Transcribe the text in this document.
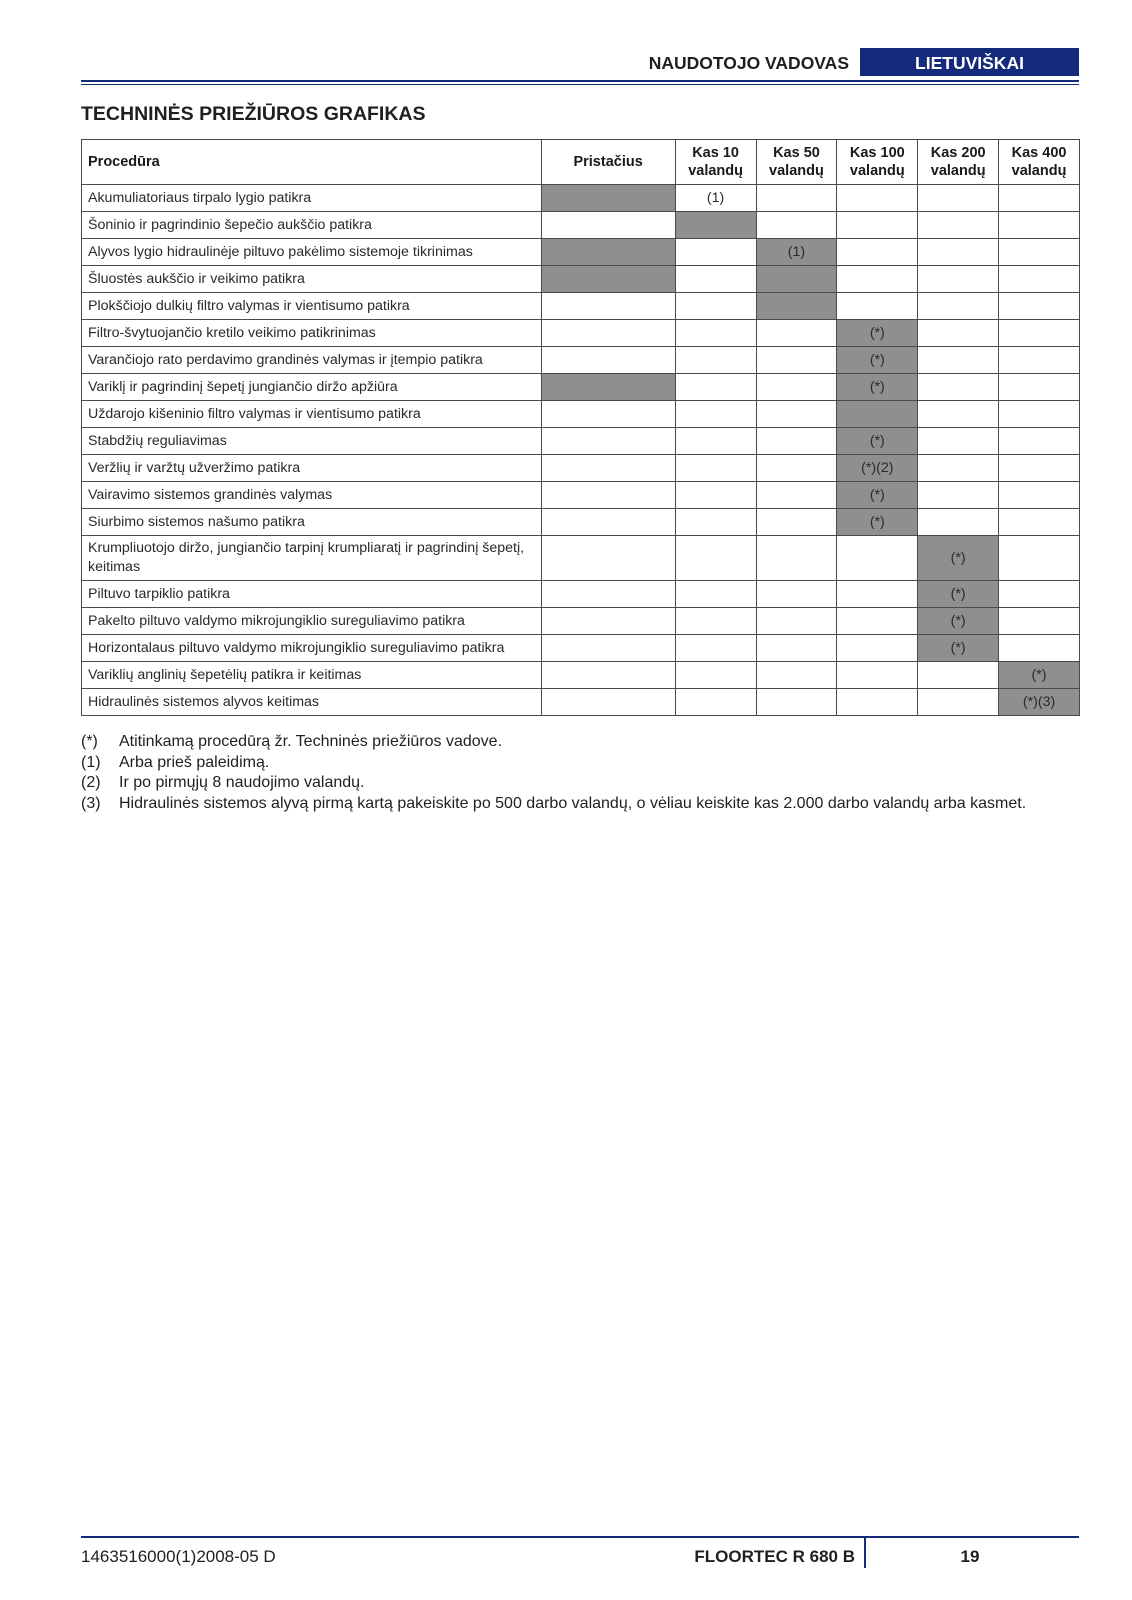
NAUDOTOJO VADOVAS	LIETUVIŠKAI
TECHNINĖS PRIEŽIŪROS GRAFIKAS
Procedūra	Pristačius	Kas 10 valandų	Kas 50 valandų	Kas 100 valandų	Kas 200 valandų	Kas 400 valandų
Akumuliatoriaus tirpalo lygio patikra		(1)				
Šoninio ir pagrindinio šepečio aukščio patikra						
Alyvos lygio hidraulinėje piltuvo pakėlimo sistemoje tikrinimas			(1)			
Šluostės aukščio ir veikimo patikra						
Plokščiojo dulkių filtro valymas ir vientisumo patikra						
Filtro-švytuojančio kretilo veikimo patikrinimas				(*)		
Varančiojo rato perdavimo grandinės valymas ir įtempio patikra				(*)		
Variklį ir pagrindinį šepetį jungiančio diržo apžiūra				(*)		
Uždarojo kišeninio filtro valymas ir vientisumo patikra						
Stabdžių reguliavimas				(*)		
Veržlių ir varžtų užveržimo patikra				(*)(2)		
Vairavimo sistemos grandinės valymas				(*)		
Siurbimo sistemos našumo patikra				(*)		
Krumpliuotojo diržo, jungiančio tarpinį krumpliaratį ir pagrindinį šepetį, keitimas					(*)	
Piltuvo tarpiklio patikra					(*)	
Pakelto piltuvo valdymo mikrojungiklio sureguliavimo patikra					(*)	
Horizontalaus piltuvo valdymo mikrojungiklio sureguliavimo patikra					(*)	
Variklių anglinių šepetėlių patikra ir keitimas						(*)
Hidraulinės sistemos alyvos keitimas						(*)(3)
(*)	Atitinkamą procedūrą žr. Techninės priežiūros vadove.
(1)	Arba prieš paleidimą.
(2)	Ir po pirmųjų 8 naudojimo valandų.
(3)	Hidraulinės sistemos alyvą pirmą kartą pakeiskite po 500 darbo valandų, o vėliau keiskite kas 2.000 darbo valandų arba kasmet.
1463516000(1)2008-05 D	FLOORTEC R 680 B	19
